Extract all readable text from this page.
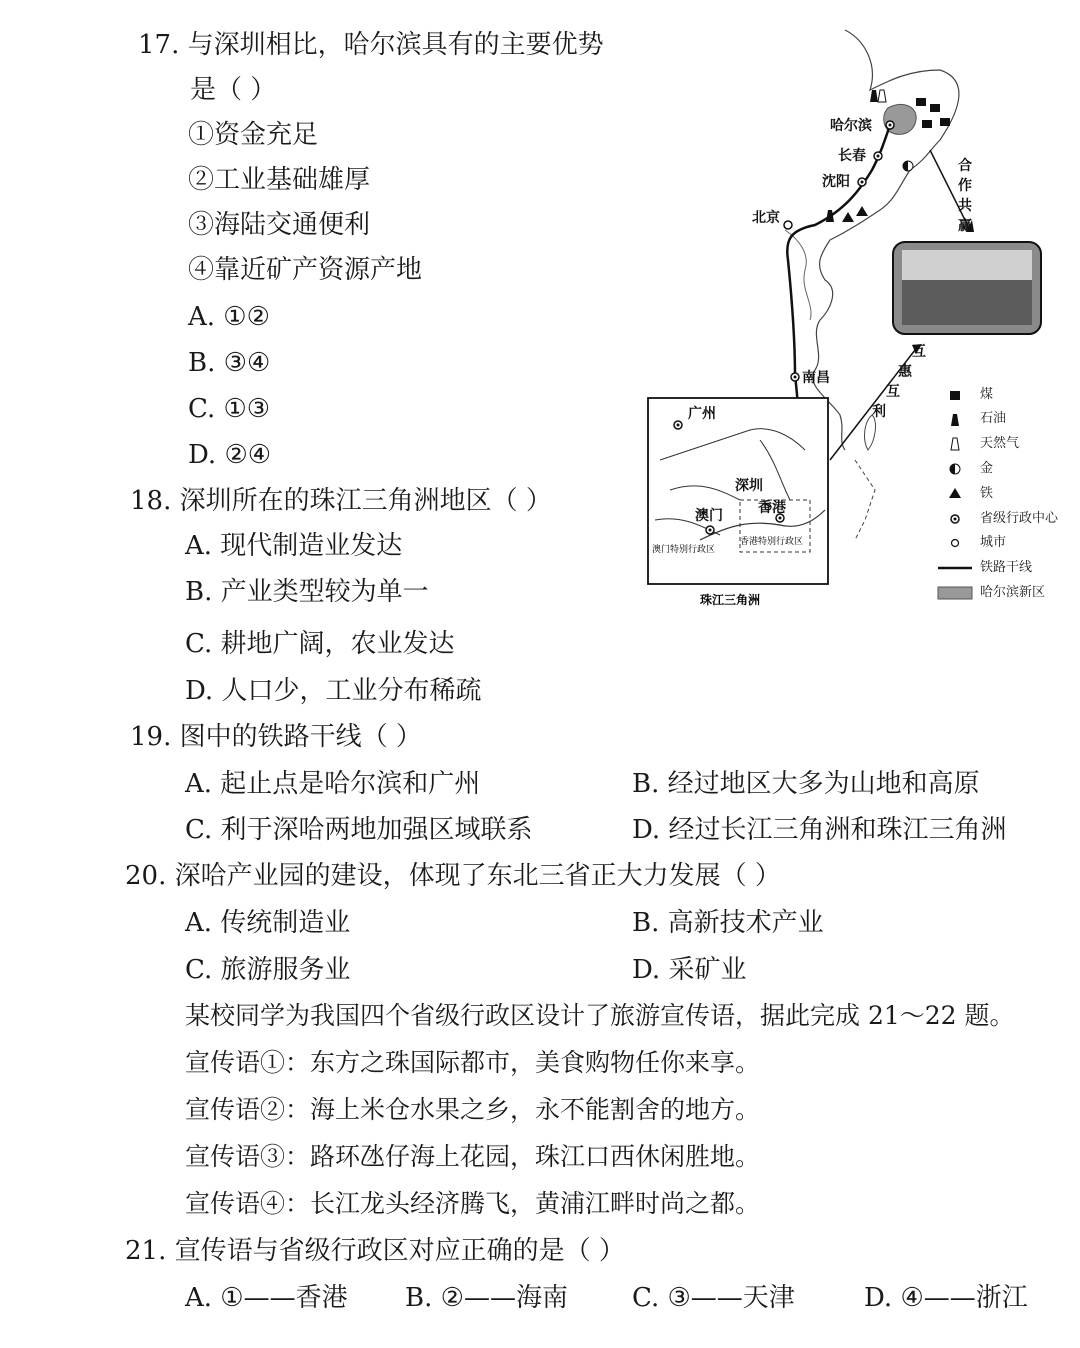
17. 与深圳相比，哈尔滨具有的主要优势
是（ ）
①资金充足
②工业基础雄厚
③海陆交通便利
④靠近矿产资源产地
A. ①②
B. ③④
C. ①③
D. ②④
18. 深圳所在的珠江三角洲地区（ ）
A. 现代制造业发达
B. 产业类型较为单一
C. 耕地广阔，农业发达
D. 人口少，工业分布稀疏
19. 图中的铁路干线（ ）
A. 起止点是哈尔滨和广州	B. 经过地区大多为山地和高原
C. 利于深哈两地加强区域联系	D. 经过长江三角洲和珠江三角洲
20. 深哈产业园的建设，体现了东北三省正大力发展（ ）
A. 传统制造业	B. 高新技术产业
C. 旅游服务业	D. 采矿业
某校同学为我国四个省级行政区设计了旅游宣传语，据此完成 21～22 题。
宣传语①：东方之珠国际都市，美食购物任你来享。
宣传语②：海上米仓水果之乡，永不能割舍的地方。
宣传语③：路环氹仔海上花园，珠江口西休闲胜地。
宣传语④：长江龙头经济腾飞，黄浦江畔时尚之都。
21. 宣传语与省级行政区对应正确的是（ ）
A. ①——香港 B. ②——海南 C. ③——天津	D. ④——浙江
哈尔滨
长春
沈阳
北京
南昌
合
作
共
赢
互
惠
互
利
广州
深圳
香港
澳门
香港特别行政区
澳门特别行政区
珠江三角洲
煤
石油
天然气
金
铁
省级行政中心
城市
铁路干线
哈尔滨新区
